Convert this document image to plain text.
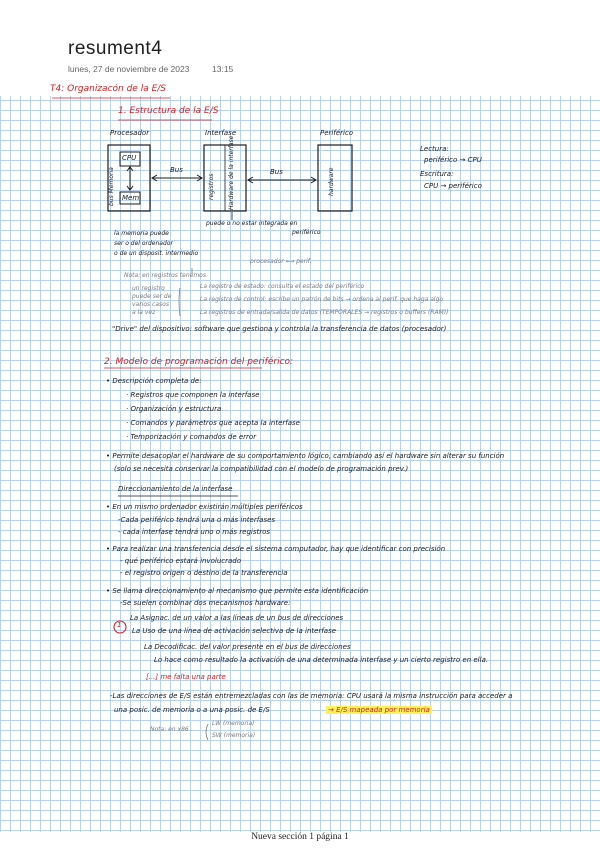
resument4
lunes, 27 de noviembre de 2023	13:15
T4: Organizacón de la E/S
1. Estructura de la E/S
Procesador	Interfase	Periférico
CPU
Mem
bus Memoria	Bus	Bus
registros Hardware de la interfase	hardware
Lectura:
periférico → CPU
Escritura:
CPU → periférico
la memoria puede
ser o del ordenador
o de un disposit. intermedio
puede o no estar integrada en
periférico
procesador ⟷ perif.
Nota: en registros tenemos
un registro
puede ser de
varios casos
a la vez
La registro de estado: consulta el estado del periférico
La registro de control: escribe un patrón de bits → ordena al perif. que haga algo
La registros de entrada/salida de datos (TEMPORALES → registros o buffers (RAM))
"Drive" del dispositivo: software que gestiona y controla la transferencia de datos (procesador)
2. Modelo de programación del periférico:
• Descripción completa de:
· Registros que componen la interfase
· Organización y estructura
· Comandos y parámetros que acepta la interfase
· Temporización y comandos de error
• Permite desacoplar el hardware de su comportamiento lógico, cambiando así el hardware sin alterar su función
(solo se necesita conservar la compatibilidad con el modelo de programación prev.)
Direccionamiento de la interfase
• En un mismo ordenador existirán múltiples periféricos
-Cada periférico tendrá una o más interfases
- cada interfase tendrá uno o más registros
• Para realizar una transferencia desde el sistema computador, hay que identificar con precisión
- qué periférico estará involucrado
- el registro origen o destino de la transferencia
• Se llama direccionamiento al mecanismo que permite esta identificación
-Se suelen combinar dos mecanismos hardware:
1
La Asignac. de un valor a las líneas de un bus de direcciones
La Uso de una línea de activación selectiva de la interfase
La Decodificac. del valor presente en el bus de direcciones
Lo hace como resultado la activación de una determinada interfase y un cierto registro en ella.
[...] me falta una parte
-Las direcciones de E/S están entremezcladas con las de memoria: CPU usará la misma instrucción para acceder a
una posic. de memoria o a una posic. de E/S	→ E/S mapeada por memoria
Nota: en x86
LW (memoria)
SW (memoria)
Nueva sección 1 página 1
